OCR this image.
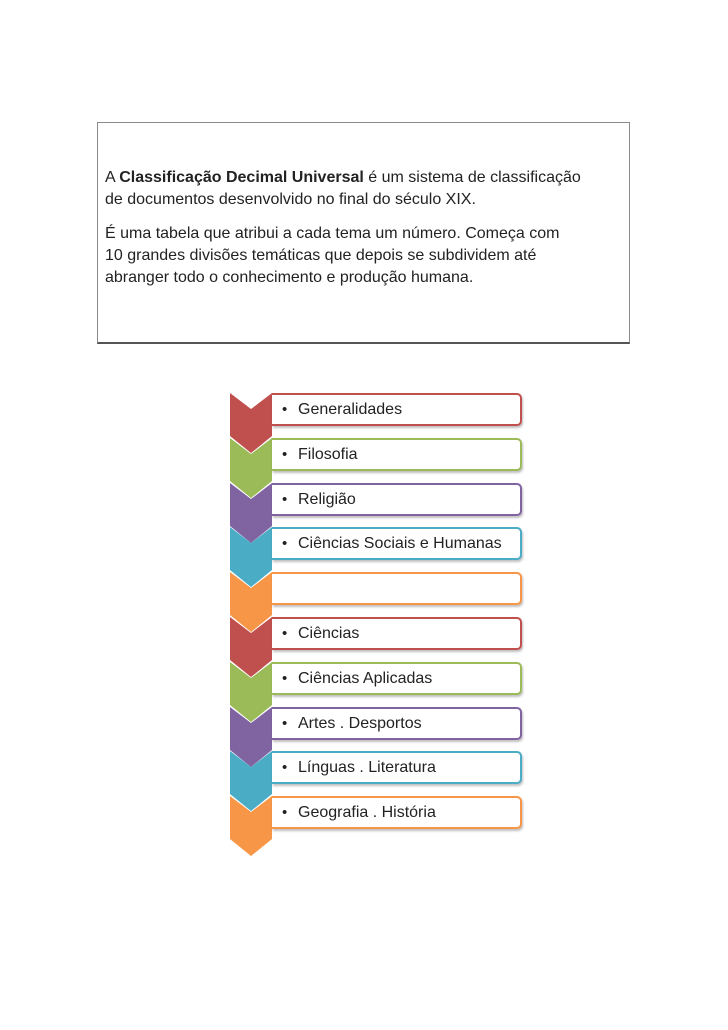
A Classificação Decimal Universal é um sistema de classificação
de documentos desenvolvido no final do século XIX.

É uma tabela que atribui a cada tema um número. Começa com
10 grandes divisões temáticas que depois se subdividem até
abranger todo o conhecimento e produção humana.

• Generalidades
• Filosofia
• Religião
• Ciências Sociais e Humanas
• Ciências
• Ciências Aplicadas
• Artes . Desportos
• Línguas . Literatura
• Geografia . História
